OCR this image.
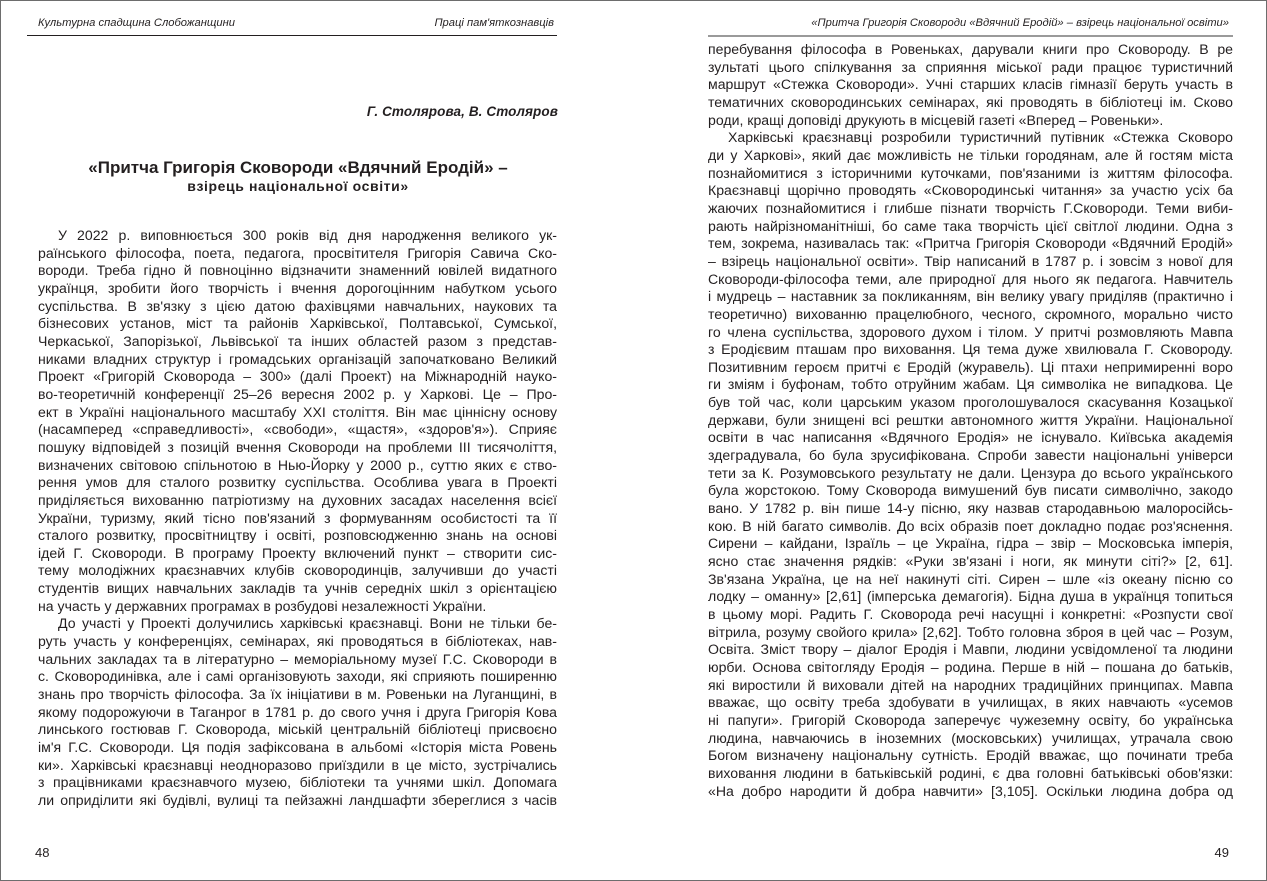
Культурна спадщина Слобожанщини	Праці пам'яткознавців
Г. Столярова, В. Столяров
«Притча Григорія Сковороди «Вдячний Еродій» –
взірець національної освіти»

У 2022 р. виповнюється 300 років від дня народження великого ук-
раїнського філософа, поета, педагога, просвітителя Григорія Савича Ско-
вороди. Треба гідно й повноцінно відзначити знаменний ювілей видатного
українця, зробити його творчість і вчення дорогоцінним набутком усього
суспільства. В зв'язку з цією датою фахівцями навчальних, наукових та
бізнесових установ, міст та районів Харківської, Полтавської, Сумської,
Черкаської, Запорізької, Львівської та інших областей разом з представ-
никами владних структур і громадських організацій започатковано Великий
Проект «Григорій Сковорода – 300» (далі Проект) на Міжнародній науко-
во-теоретичній конференції 25–26 вересня 2002 р. у Харкові. Це – Про-
ект в Україні національного масштабу XXI століття. Він має ціннісну основу
(насамперед «справедливості», «свободи», «щастя», «здоров'я»). Сприяє
пошуку відповідей з позицій вчення Сковороди на проблеми III тисячоліття,
визначених світовою спільнотою в Нью-Йорку у 2000 р., суттю яких є ство-
рення умов для сталого розвитку суспільства. Особлива увага в Проекті
приділяється вихованню патріотизму на духовних засадах населення всієї
України, туризму, який тісно пов'язаний з формуванням особистості та її
сталого розвитку, просвітництву і освіті, розповсюдженню знань на основі
ідей Г. Сковороди. В програму Проекту включений пункт – створити сис-
тему молодіжних краєзнавчих клубів сковородинців, залучивши до участі
студентів вищих навчальних закладів та учнів середніх шкіл з орієнтацією
на участь у державних програмах в розбудові незалежності України.

До участі у Проекті долучились харківські краєзнавці. Вони не тільки бе-
руть участь у конференціях, семінарах, які проводяться в бібліотеках, нав-
чальних закладах та в літературно – меморіальному музеї Г.С. Сковороди в
с. Сковородинівка, але і самі організовують заходи, які сприяють поширенню
знань про творчість філософа. За їх ініціативи в м. Ровеньки на Луганщині, в
якому подорожуючи в Таганрог в 1781 р. до свого учня і друга Григорія Кова
линського гостював Г. Сковорода, міській центральній бібліотеці присвоєно
ім'я Г.С. Сковороди. Ця подія зафіксована в альбомі «Історія міста Ровень
ки». Харківські краєзнавці неодноразово приїздили в це місто, зустрічались
з працівниками краєзнавчого музею, бібліотеки та учнями шкіл. Допомага
ли оприділити які будівлі, вулиці та пейзажні ландшафти збереглися з часів

48
«Притча Григорія Сковороди «Вдячний Еродій» – взірець національної освіти»

перебування філософа в Ровеньках, дарували книги про Сковороду. В ре
зультаті цього спілкування за сприяння міської ради працює туристичний
маршрут «Стежка Сковороди». Учні старших класів гімназії беруть участь в
тематичних сковородинських семінарах, які проводять в бібліотеці ім. Сково
роди, кращі доповіді друкують в місцевій газеті «Вперед – Ровеньки».

Харківські краєзнавці розробили туристичний путівник «Стежка Сковоро
ди у Харкові», який дає можливість не тільки городянам, але й гостям міста
познайомитися з історичними куточками, пов'язаними із життям філософа.
Краєзнавці щорічно проводять «Сковородинські читання» за участю усіх ба
жаючих познайомитися і глибше пізнати творчість Г.Сковороди. Теми виби-
рають найрізноманітніші, бо саме така творчість цієї світлої людини. Одна з
тем, зокрема, називалась так: «Притча Григорія Сковороди «Вдячний Еродій»
– взірець національної освіти». Твір написаний в 1787 р. і зовсім з нової для
Сковороди-філософа теми, але природної для нього як педагога. Навчитель
і мудрець – наставник за покликанням, він велику увагу приділяв (практично і
теоретично) вихованню працелюбного, чесного, скромного, морально чисто
го члена суспільства, здорового духом і тілом. У притчі розмовляють Мавпа
з Еродієвим пташам про виховання. Ця тема дуже хвилювала Г. Сковороду.
Позитивним героєм притчі є Еродій (журавель). Ці птахи непримиренні воро
ги зміям і буфонам, тобто отруйним жабам. Ця символіка не випадкова. Це
був той час, коли царським указом проголошувалося скасування Козацької
держави, були знищені всі рештки автономного життя України. Національної
освіти в час написання «Вдячного Еродія» не існувало. Київська академія
здеградувала, бо була зрусифікована. Спроби завести національні універси
тети за К. Розумовського результату не дали. Цензура до всього українського
була жорстокою. Тому Сковорода вимушений був писати символічно, закодо
вано. У 1782 р. він пише 14-у пісню, яку назвав стародавньою малоросійсь-
кою. В ній багато символів. До всіх образів поет докладно подає роз'яснення.
Сирени – кайдани, Ізраїль – це Україна, гідра – звір – Московська імперія,
ясно стає значення рядків: «Руки зв'язані і ноги, як минути сіті?» [2, 61].
Зв'язана Україна, це на неї накинуті сіті. Сирен – шле «із океану пісню со
лодку – оманну» [2,61] (імперська демагогія). Бідна душа в українця топиться
в цьому морі. Радить Г. Сковорода речі насущні і конкретні: «Розпусти свої
вітрила, розуму свойого крила» [2,62]. Тобто головна зброя в цей час – Розум,
Освіта. Зміст твору – діалог Еродія і Мавпи, людини усвідомленої та людини
юрби. Основа світогляду Еродія – родина. Перше в ній – пошана до батьків,
які виростили й виховали дітей на народних традиційних принципах. Мавпа
вважає, що освіту треба здобувати в училищах, в яких навчають «усемов
ні папуги». Григорій Сковорода заперечує чужеземну освіту, бо українська
людина, навчаючись в іноземних (московських) училищах, утрачала свою
Богом визначену національну сутність. Еродій вважає, що починати треба
виховання людини в батьківській родині, є два головні батьківські обов'язки:
«На добро народити й добра навчити» [3,105]. Оскільки людина добра од

49
